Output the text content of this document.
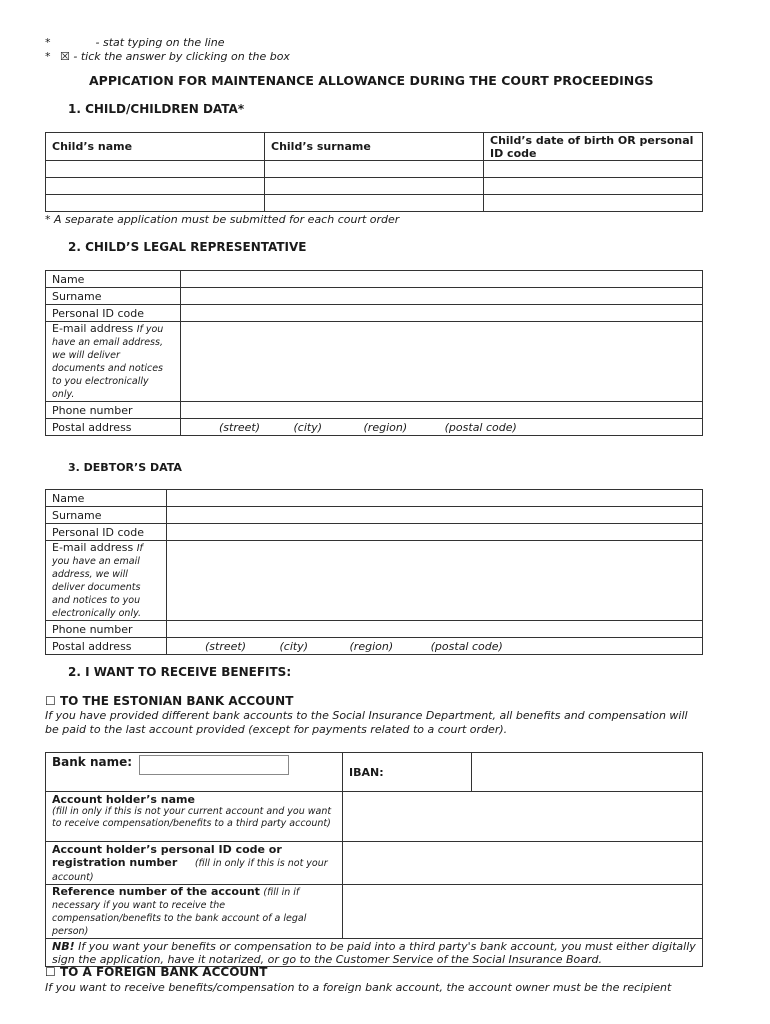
*	- stat typing on the line
* ☒ - tick the answer by clicking on the box
APPICATION FOR MAINTENANCE ALLOWANCE DURING THE COURT PROCEEDINGS
1. CHILD/CHILDREN DATA*
Child’s name	Child’s surname	Child’s date of birth OR personal ID code

* A separate application must be submitted for each court order
2. CHILD’S LEGAL REPRESENTATIVE
Name	
Surname	
Personal ID code	
E-mail address If you have an email address, we will deliver documents and notices to you electronically only.	
Phone number	
Postal address	(street) (city) (region) (postal code)
3. DEBTOR’S DATA
Name	
Surname	
Personal ID code	
E-mail address If you have an email address, we will deliver documents and notices to you electronically only.	
Phone number	
Postal address	(street) (city) (region) (postal code)
2. I WANT TO RECEIVE BENEFITS:
☐ TO THE ESTONIAN BANK ACCOUNT
If you have provided different bank accounts to the Social Insurance Department, all benefits and compensation will be paid to the last account provided (except for payments related to a court order).
Bank name:	IBAN:	

Account holder’s name
(fill in only if this is not your current account and you want to receive compensation/benefits to a third party account)		

Account holder’s personal ID code or registration number (fill in only if this is not your account)		
Reference number of the account (fill in if necessary if you want to receive the compensation/benefits to the bank account of a legal person)		
NB! If you want your benefits or compensation to be paid into a third party's bank account, you must either digitally sign the application, have it notarized, or go to the Customer Service of the Social Insurance Board.		
☐ TO A FOREIGN BANK ACCOUNT
If you want to receive benefits/compensation to a foreign bank account, the account owner must be the recipient
